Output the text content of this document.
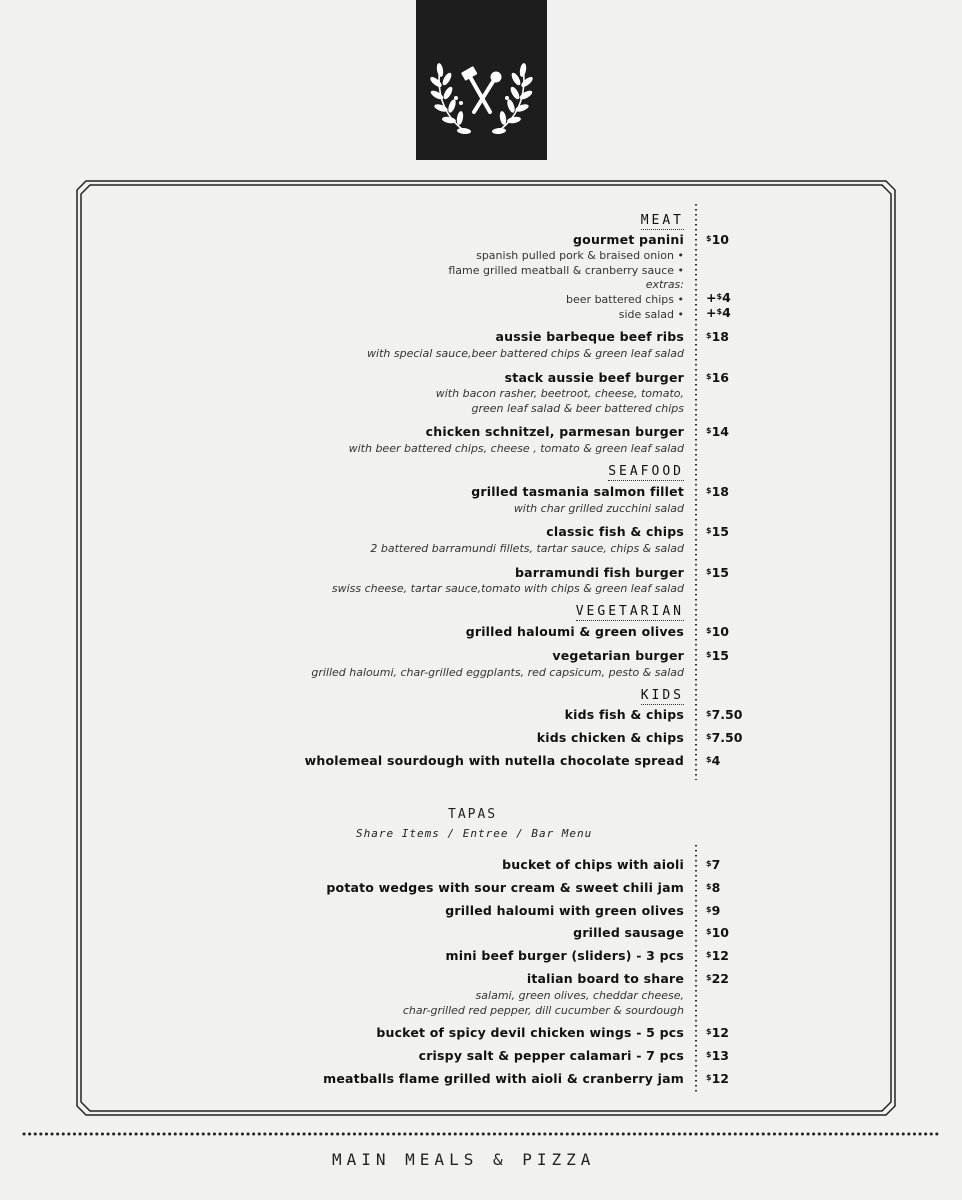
MEAT
gourmet panini	$10
spanish pulled pork & braised onion •
flame grilled meatball & cranberry sauce •
extras:
beer battered chips • +$4
side salad • +$4
aussie barbeque beef ribs	$18
with special sauce,beer battered chips & green leaf salad
stack aussie beef burger	$16
with bacon rasher, beetroot, cheese, tomato,
green leaf salad & beer battered chips
chicken schnitzel, parmesan burger	$14
with beer battered chips, cheese , tomato & green leaf salad
SEAFOOD
grilled tasmania salmon fillet	$18
with char grilled zucchini salad
classic fish & chips	$15
2 battered barramundi fillets, tartar sauce, chips & salad
barramundi fish burger	$15
swiss cheese, tartar sauce,tomato with chips & green leaf salad
VEGETARIAN
grilled haloumi & green olives	$10
vegetarian burger	$15
grilled haloumi, char-grilled eggplants, red capsicum, pesto & salad
KIDS
kids fish & chips	$7.50
kids chicken & chips	$7.50
wholemeal sourdough with nutella chocolate spread	$4
TAPAS
Share Items / Entree / Bar Menu
bucket of chips with aioli	$7
potato wedges with sour cream & sweet chili jam	$8
grilled haloumi with green olives	$9
grilled sausage	$10
mini beef burger (sliders) - 3 pcs	$12
italian board to share	$22
salami, green olives, cheddar cheese,
char-grilled red pepper, dill cucumber & sourdough
bucket of spicy devil chicken wings - 5 pcs	$12
crispy salt & pepper calamari - 7 pcs	$13
meatballs flame grilled with aioli & cranberry jam	$12
MAIN MEALS & PIZZA
